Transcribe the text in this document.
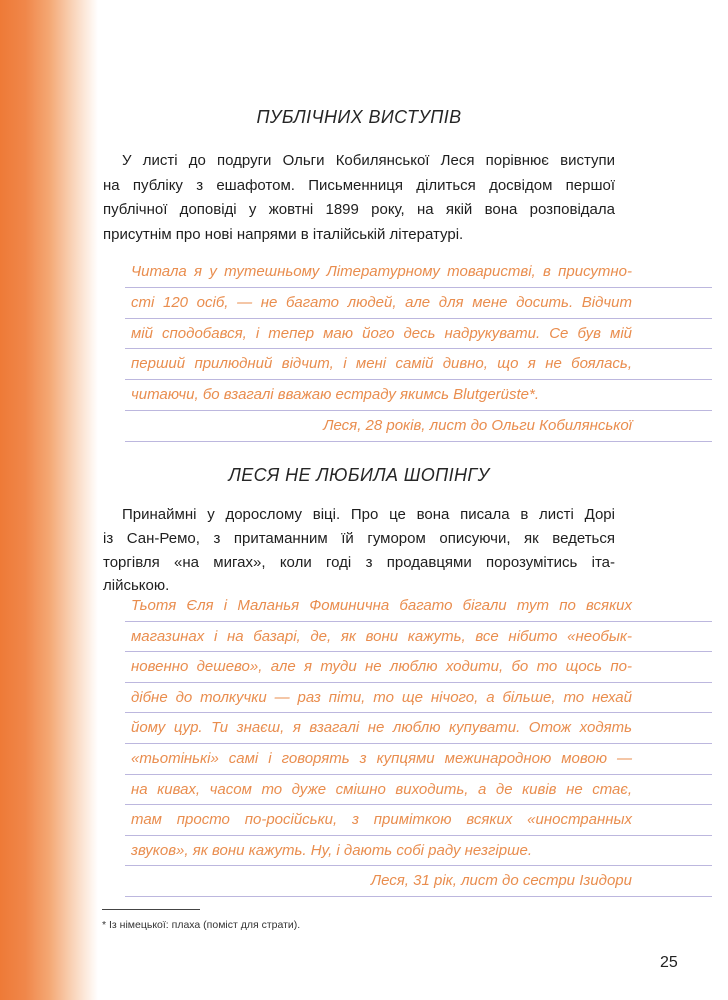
ПУБЛІЧНИХ ВИСТУПІВ
У листі до подруги Ольги Кобилянської Леся порівнює виступи
на публіку з ешафотом. Письменниця ділиться досвідом першої
публічної доповіді у жовтні 1899 року, на якій вона розповідала
присутнім про нові напрями в італійській літературі.
Читала я у тутешньому Літературному товаристві, в присутно-
сті 120 осіб, — не багато людей, але для мене досить. Відчит
мій сподобався, і тепер маю його десь надрукувати. Се був мій
перший прилюдний відчит, і мені самій дивно, що я не боялась,
читаючи, бо взагалі вважаю естраду якимсь Blutgerüste*.
Леся, 28 років, лист до Ольги Кобилянської
ЛЕСЯ НЕ ЛЮБИЛА ШОПІНГУ
Принаймні у дорослому віці. Про це вона писала в листі Дорі
із Сан-Ремо, з притаманним їй гумором описуючи, як ведеться
торгівля «на мигах», коли годі з продавцями порозумітись іта-
лійською.
Тьотя Єля і Маланья Фоминична багато бігали тут по всяких
магазинах і на базарі, де, як вони кажуть, все нібито «необык-
новенно дешево», але я туди не люблю ходити, бо то щось по-
дібне до толкучки — раз піти, то ще нічого, а більше, то нехай
йому цур. Ти знаєш, я взагалі не люблю купувати. Отож ходять
«тьотінькі» самі і говорять з купцями межинародною мовою —
на кивах, часом то дуже смішно виходить, а де кивів не стає,
там просто по-російськи, з приміткою всяких «иностранных
звуков», як вони кажуть. Ну, і дають собі раду незгірше.
Леся, 31 рік, лист до сестри Ізидори
* Із німецької: плаха (поміст для страти).
25
